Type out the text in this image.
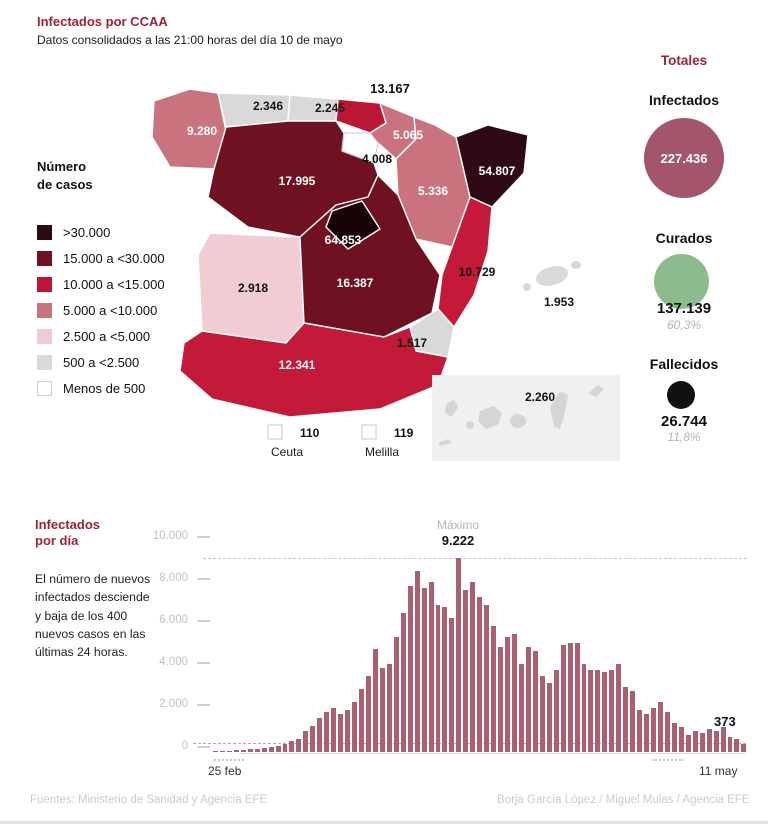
Infectados por CCAA
Datos consolidados a las 21:00 horas del día 10 de mayo
Número
de casos
>30.000
15.000 a <30.000
10.000 a <15.000
5.000 a <10.000
2.500 a <5.000
500 a <2.500
Menos de 500
9.280
2.346	2.245
13.167
5.065
4.008
17.995
5.336
54.807
64.853
16.387
10.729
1.517
2.918
12.341
1.953
2.260
110	119
Ceuta	Melilla
Totales
Infectados
227.436
Curados
137.139
60,3%
Fallecidos
26.744
11,8%
Infectados
por día
El número de nuevos infectados desciende y baja de los 400 nuevos casos en las últimas 24 horas.
10.000
8.000
6.000
4.000
2.000
0
Máximo
9.222
373
25 feb	11 may
Fuentes: Ministerio de Sanidad y Agencia EFE	Borja García López / Miguel Mulas / Agencia EFE
